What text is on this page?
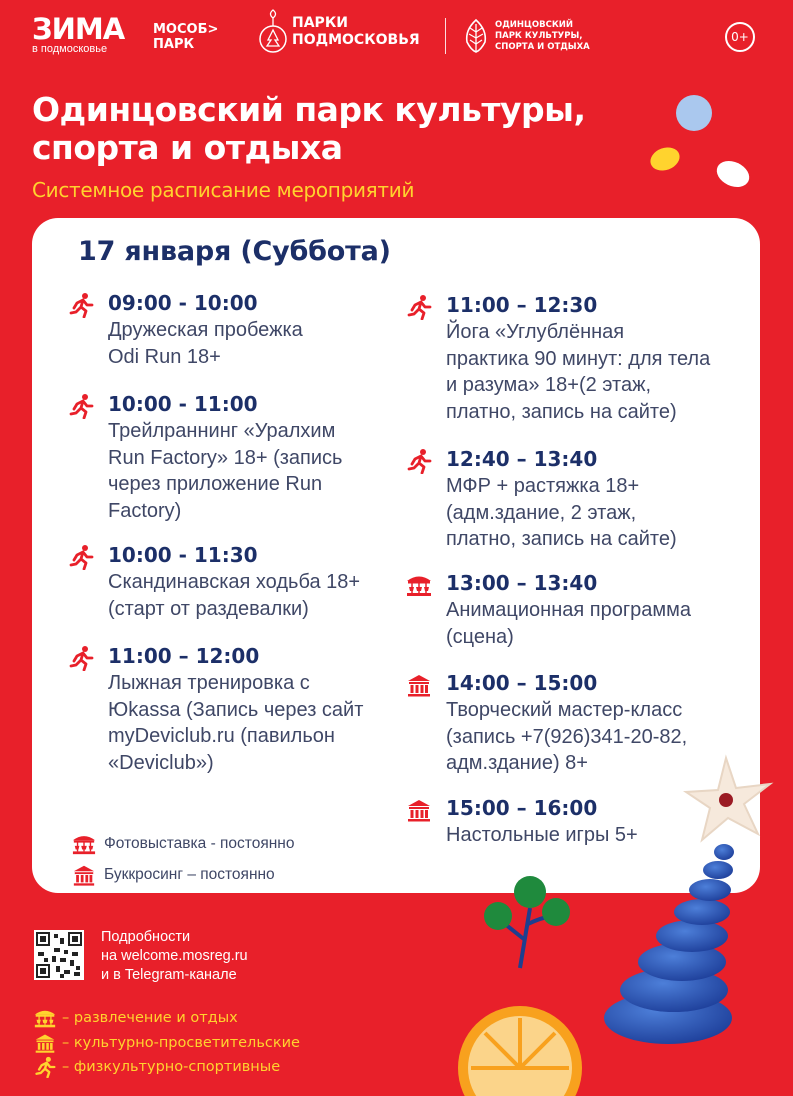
ЗИМА
в подмосковье
МОСОБ>
ПАРК
ПАРКИ
ПОДМОСКОВЬЯ
ОДИНЦОВСКИЙ
ПАРК КУЛЬТУРЫ,
СПОРТА И ОТДЫХА
0+
Одинцовский парк культуры,
спорта и отдыха
Системное расписание мероприятий
17 января (Суббота)
09:00 - 10:00
Дружеская пробежка
Odi Run 18+
10:00 - 11:00
Трейлраннинг «Уралхим
Run Factory» 18+ (запись
через приложение Run
Factory)
10:00 - 11:30
Скандинавская ходьба 18+
(старт от раздевалки)
11:00 – 12:00
Лыжная тренировка с
Юkassa (Запись через сайт
myDeviclub.ru (павильон
«Deviclub»)
11:00 – 12:30
Йога «Углублённая
практика 90 минут: для тела
и разума» 18+(2 этаж,
платно, запись на сайте)
12:40 – 13:40
МФР + растяжка 18+
(адм.здание, 2 этаж,
платно, запись на сайте)
13:00 – 13:40
Анимационная программа
(сцена)
14:00 – 15:00
Творческий мастер-класс
(запись +7(926)341-20-82,
адм.здание) 8+
15:00 – 16:00
Настольные игры 5+
Фотовыставка - постоянно
Буккросинг – постоянно
Подробности
на welcome.mosreg.ru
и в Telegram-канале
– развлечение и отдых
– культурно-просветительские
– физкультурно-спортивные
